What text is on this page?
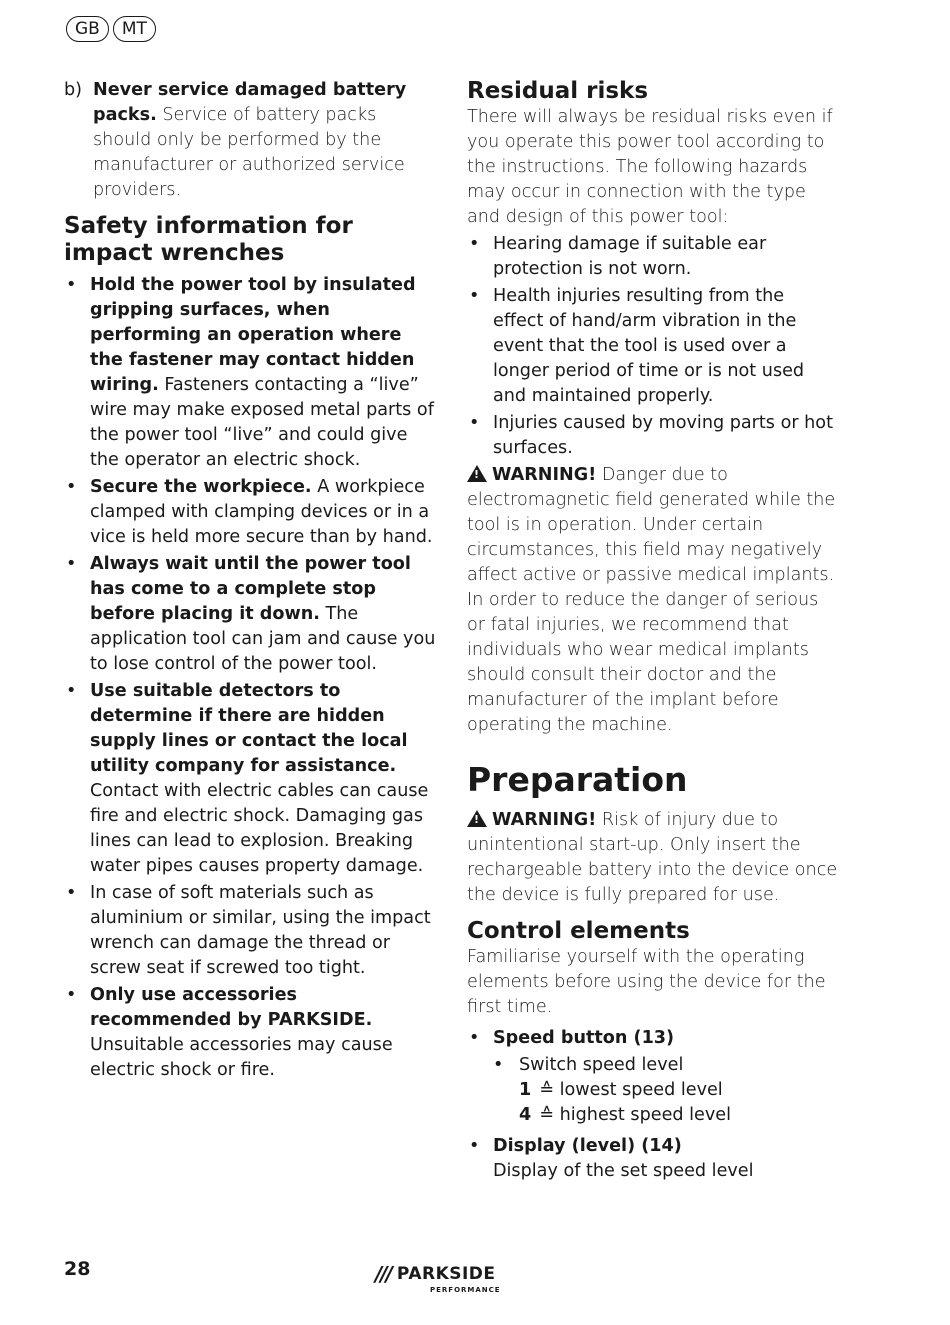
GB	MT
b) Never service damaged battery packs. Service of battery packs should only be performed by the manufacturer or authorized service providers.

Safety information for impact wrenches
• Hold the power tool by insulated gripping surfaces, when performing an operation where the fastener may contact hidden wiring. Fasteners contacting a “live” wire may make exposed metal parts of the power tool “live” and could give the operator an electric shock.
• Secure the workpiece. A workpiece clamped with clamping devices or in a vice is held more secure than by hand.
• Always wait until the power tool has come to a complete stop before placing it down. The application tool can jam and cause you to lose control of the power tool.
• Use suitable detectors to determine if there are hidden supply lines or contact the local utility company for assistance. Contact with electric cables can cause fire and electric shock. Damaging gas lines can lead to explosion. Breaking water pipes causes property damage.
• In case of soft materials such as aluminium or similar, using the impact wrench can damage the thread or screw seat if screwed too tight.
• Only use accessories recommended by PARKSIDE. Unsuitable accessories may cause electric shock or fire.
Residual risks

There will always be residual risks even if you operate this power tool according to the instructions. The following hazards may occur in connection with the type and design of this power tool:

• Hearing damage if suitable ear protection is not worn.
• Health injuries resulting from the effect of hand/arm vibration in the event that the tool is used over a longer period of time or is not used and maintained properly.
• Injuries caused by moving parts or hot surfaces.

!WARNING! Danger due to electromagnetic field generated while the tool is in operation. Under certain circumstances, this field may negatively affect active or passive medical implants. In order to reduce the danger of serious or fatal injuries, we recommend that individuals who wear medical implants should consult their doctor and the manufacturer of the implant before operating the machine.

Preparation

!WARNING! Risk of injury due to unintentional start-up. Only insert the rechargeable battery into the device once the device is fully prepared for use.

Control elements

Familiarise yourself with the operating elements before using the device for the first time.

• Speed button (13)
• Switch speed level
1 ≙ lowest speed level
4 ≙ highest speed level
• Display (level) (14)
Display of the set speed level
28	/// PARKSIDE
PERFORMANCE
